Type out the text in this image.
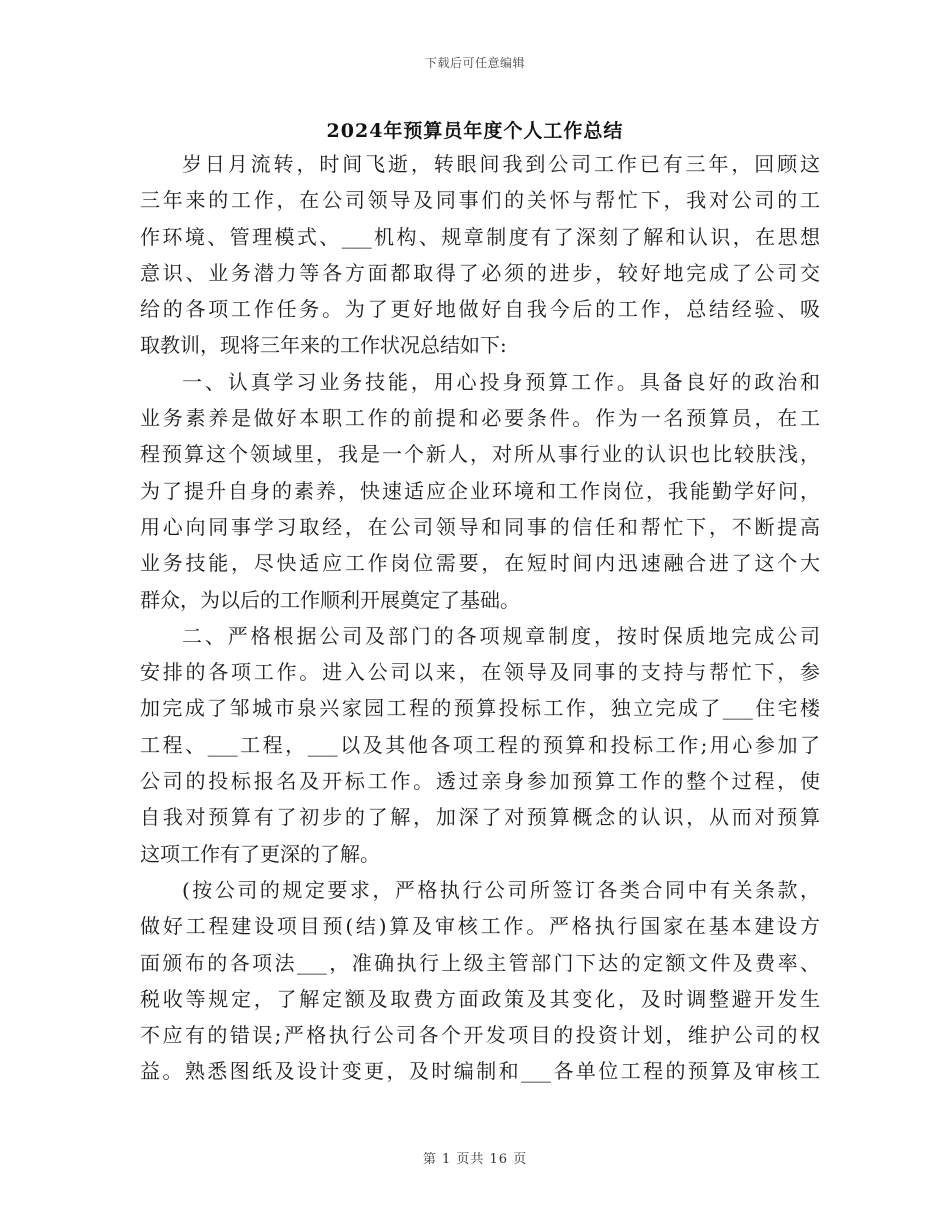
下载后可任意编辑
2024年预算员年度个人工作总结
岁日月流转，时间飞逝，转眼间我到公司工作已有三年，回顾这
三年来的工作，在公司领导及同事们的关怀与帮忙下，我对公司的工
作环境、管理模式、___机构、规章制度有了深刻了解和认识，在思想
意识、业务潜力等各方面都取得了必须的进步，较好地完成了公司交
给的各项工作任务。为了更好地做好自我今后的工作，总结经验、吸
取教训，现将三年来的工作状况总结如下:
一、认真学习业务技能，用心投身预算工作。具备良好的政治和
业务素养是做好本职工作的前提和必要条件。作为一名预算员，在工
程预算这个领域里，我是一个新人，对所从事行业的认识也比较肤浅，
为了提升自身的素养，快速适应企业环境和工作岗位，我能勤学好问，
用心向同事学习取经，在公司领导和同事的信任和帮忙下，不断提高
业务技能，尽快适应工作岗位需要，在短时间内迅速融合进了这个大
群众，为以后的工作顺利开展奠定了基础。
二、严格根据公司及部门的各项规章制度，按时保质地完成公司
安排的各项工作。进入公司以来，在领导及同事的支持与帮忙下，参
加完成了邹城市泉兴家园工程的预算投标工作，独立完成了___住宅楼
工程、___工程，___以及其他各项工程的预算和投标工作;用心参加了
公司的投标报名及开标工作。透过亲身参加预算工作的整个过程，使
自我对预算有了初步的了解，加深了对预算概念的认识，从而对预算
这项工作有了更深的了解。
(按公司的规定要求，严格执行公司所签订各类合同中有关条款，
做好工程建设项目预(结)算及审核工作。严格执行国家在基本建设方
面颁布的各项法___，准确执行上级主管部门下达的定额文件及费率、
税收等规定，了解定额及取费方面政策及其变化，及时调整避开发生
不应有的错误;严格执行公司各个开发项目的投资计划，维护公司的权
益。熟悉图纸及设计变更，及时编制和___各单位工程的预算及审核工
第 1 页共 16 页
